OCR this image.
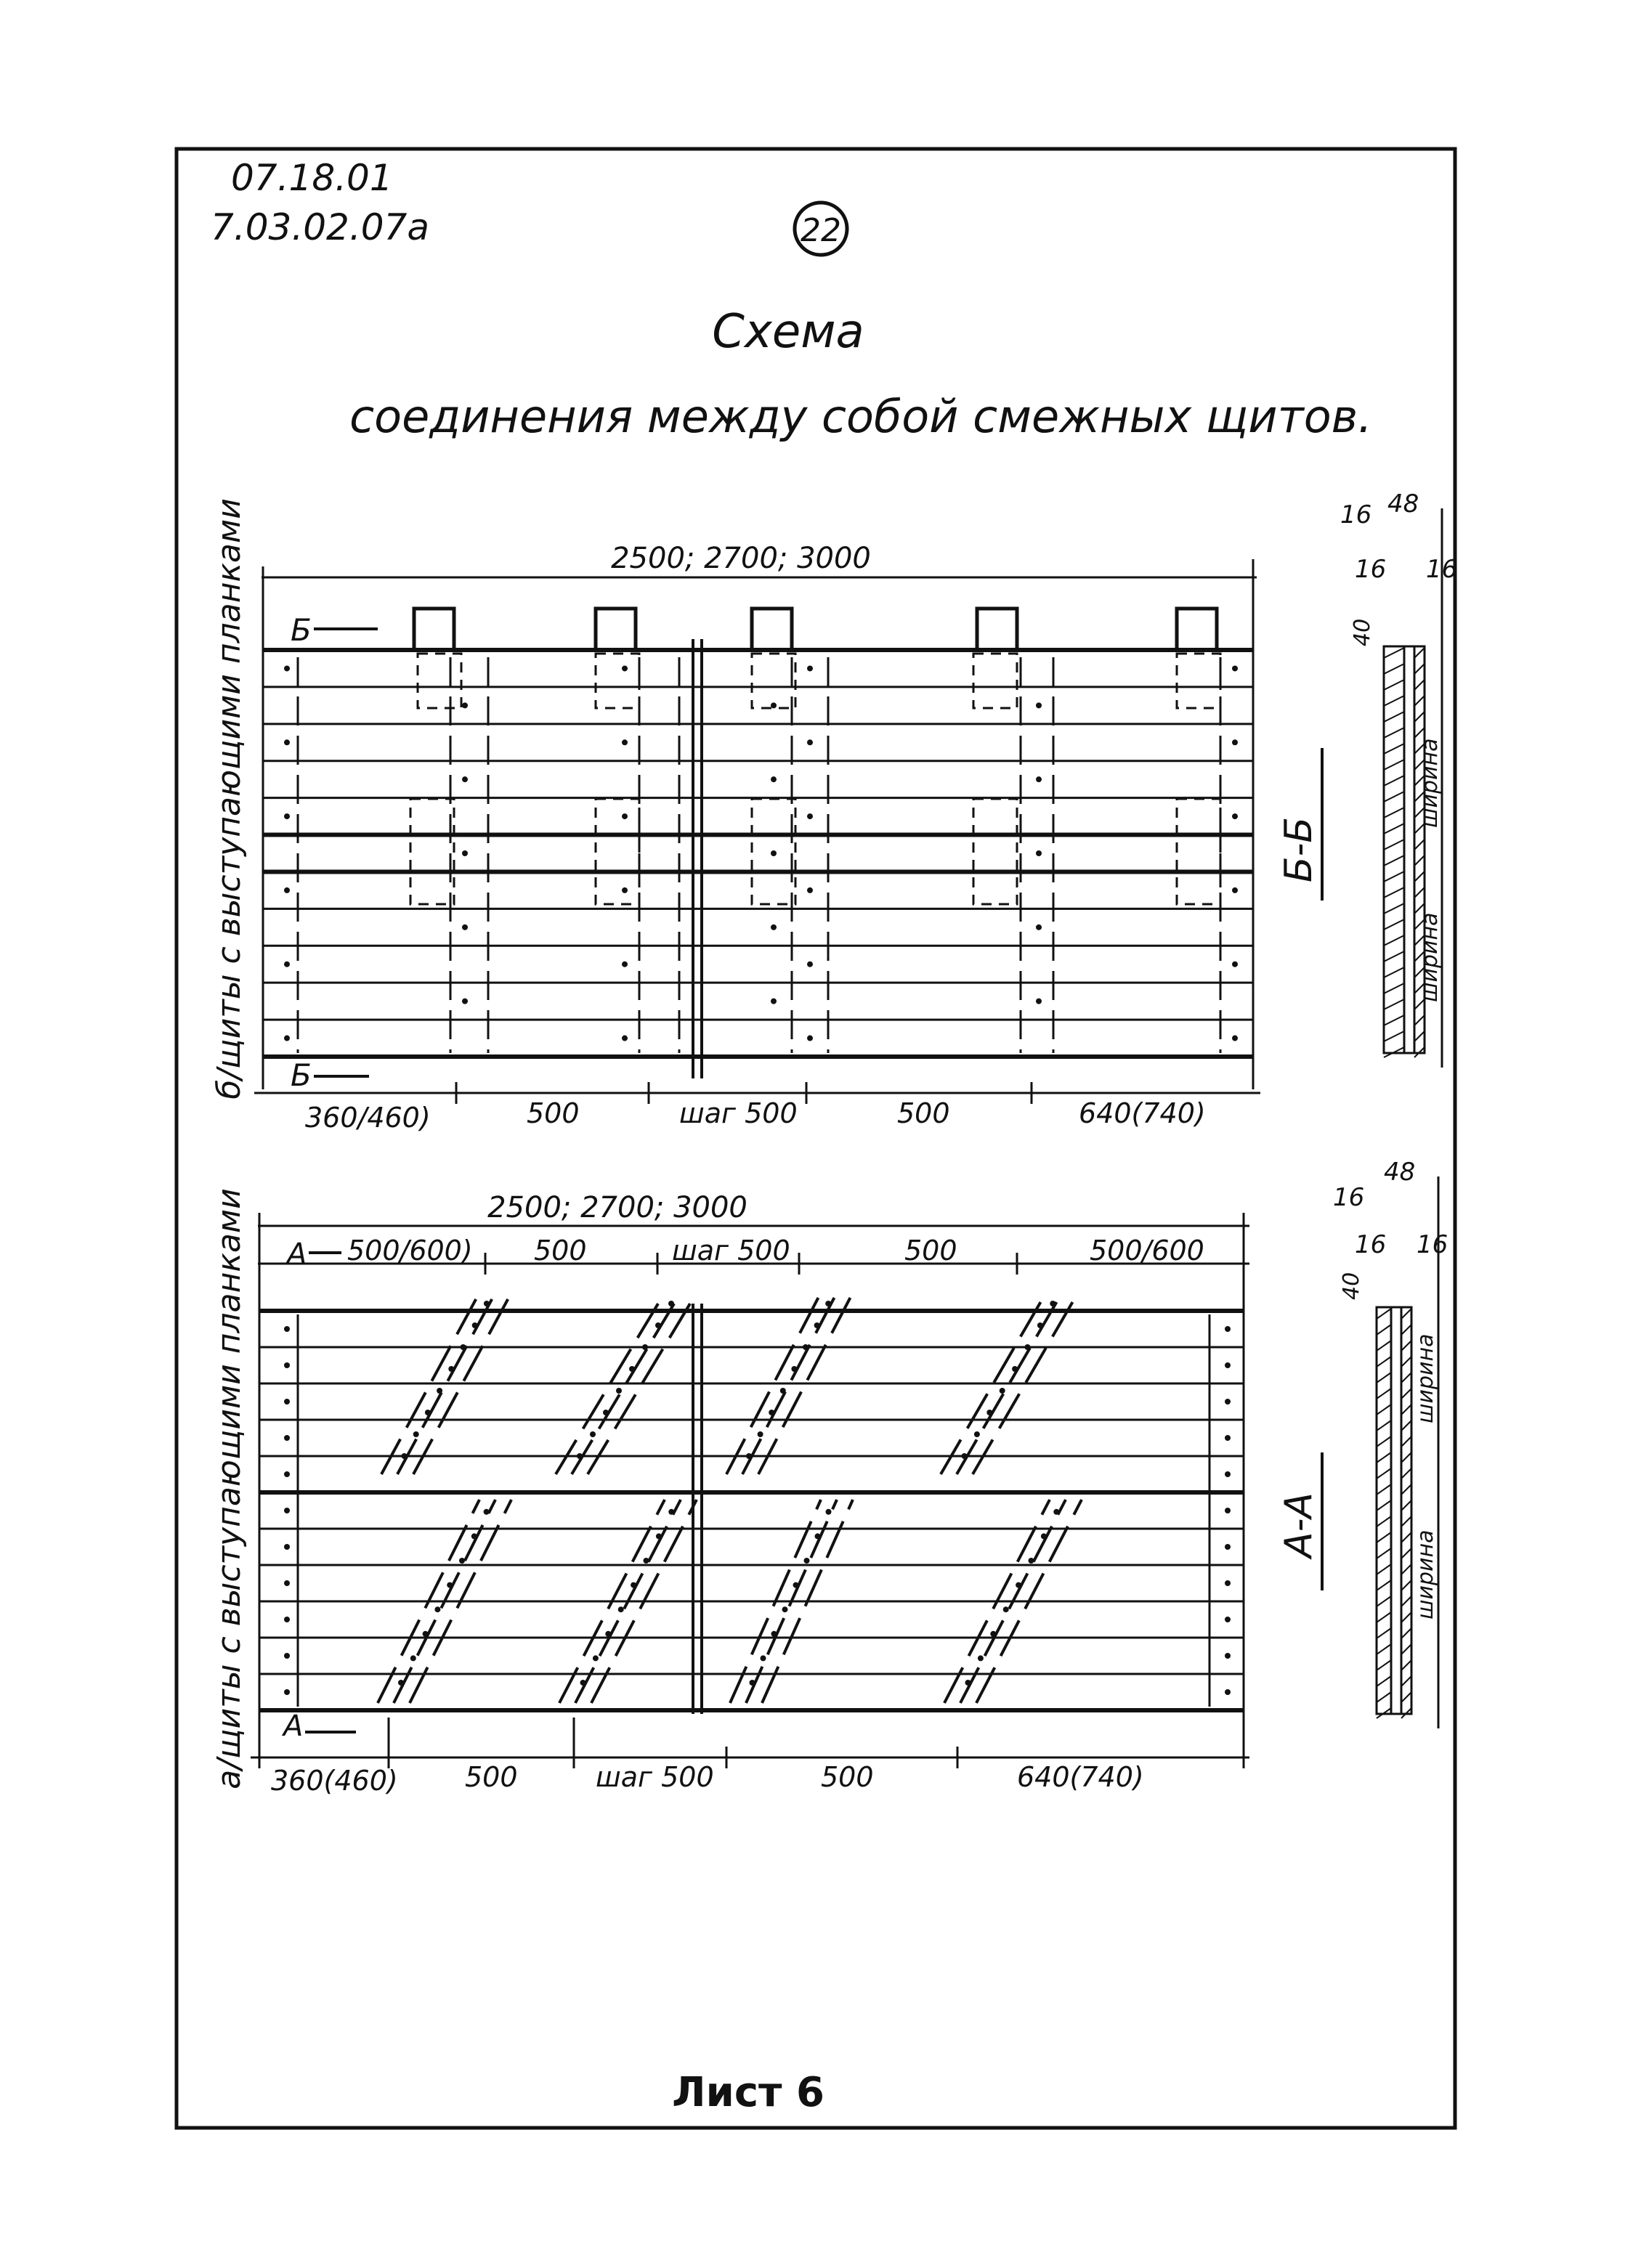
07.18.01
7.03.02.07а	22
Схема
соединения между собой смежных щитов.
б/щиты с выступающими планками
а/щиты с выступающими планками
2500; 2700; 3000
Б
Б
360/460)	500	шаг 500	500	640(740)
2500; 2700; 3000
А 500/600) 500	шаг 500	500	500/600
А
360(460) 500	шаг 500	500	640(740)
Б-Б
16 48
16 16
40
ширина
ширина
А-А
16
48
16 16
40
ширина
ширина
Лист 6
